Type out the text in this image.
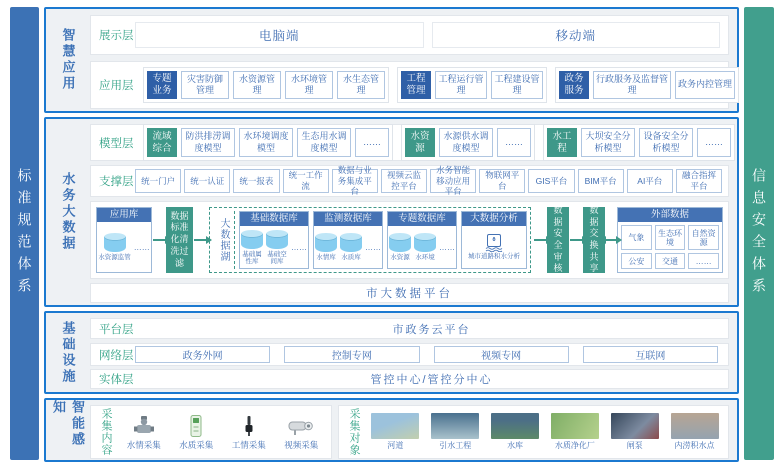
标准规范体系	信息安全体系
智慧应用	展示层	电脑端	移动端
应用层
专题业务
灾害防御管理
水资源管理
水环境管理
水生态管理
工程管理
工程运行管理
工程建设管理
政务服务
行政服务及监督管理
政务内控管理
水务大数据
模型层
流域综合
防洪排涝调度模型
水环境调度模型
生态用水调度模型
……
水资源
水源供水调度模型
……
水工程
大坝安全分析模型
设备安全分析模型
……
支撑层 统一门户	统一认证	统一报表
统一工作流
数据与业务集成平台
视频云监控平台
水务智能移动应用平台
物联网平台
GIS平台	BIM平台	AI平台
融合指挥平台
应用库
水资源监管
……
数据标准化清洗过滤
大数据湖	基础数据库
基础属性库
基础空间库
……
监测数据库
水情库 水质库
……
专题数据库
水资源 水环境
……
大数据分析
城市道路积水分析
数据安全审核
数据交换共享
外部数据
气象
生态环境
自然资源
公安	交通	……
市大数据平台
基础设施	平台层	市政务云平台
网络层	政务外网	控制专网	视频专网	互联网
实体层	管控中心/管控分中心
智能感知	采集内容	水情采集 水质采集 工情采集 视频采集	采集对象	河道	引水工程	水库	水质净化厂	闸泵	内涝积水点
